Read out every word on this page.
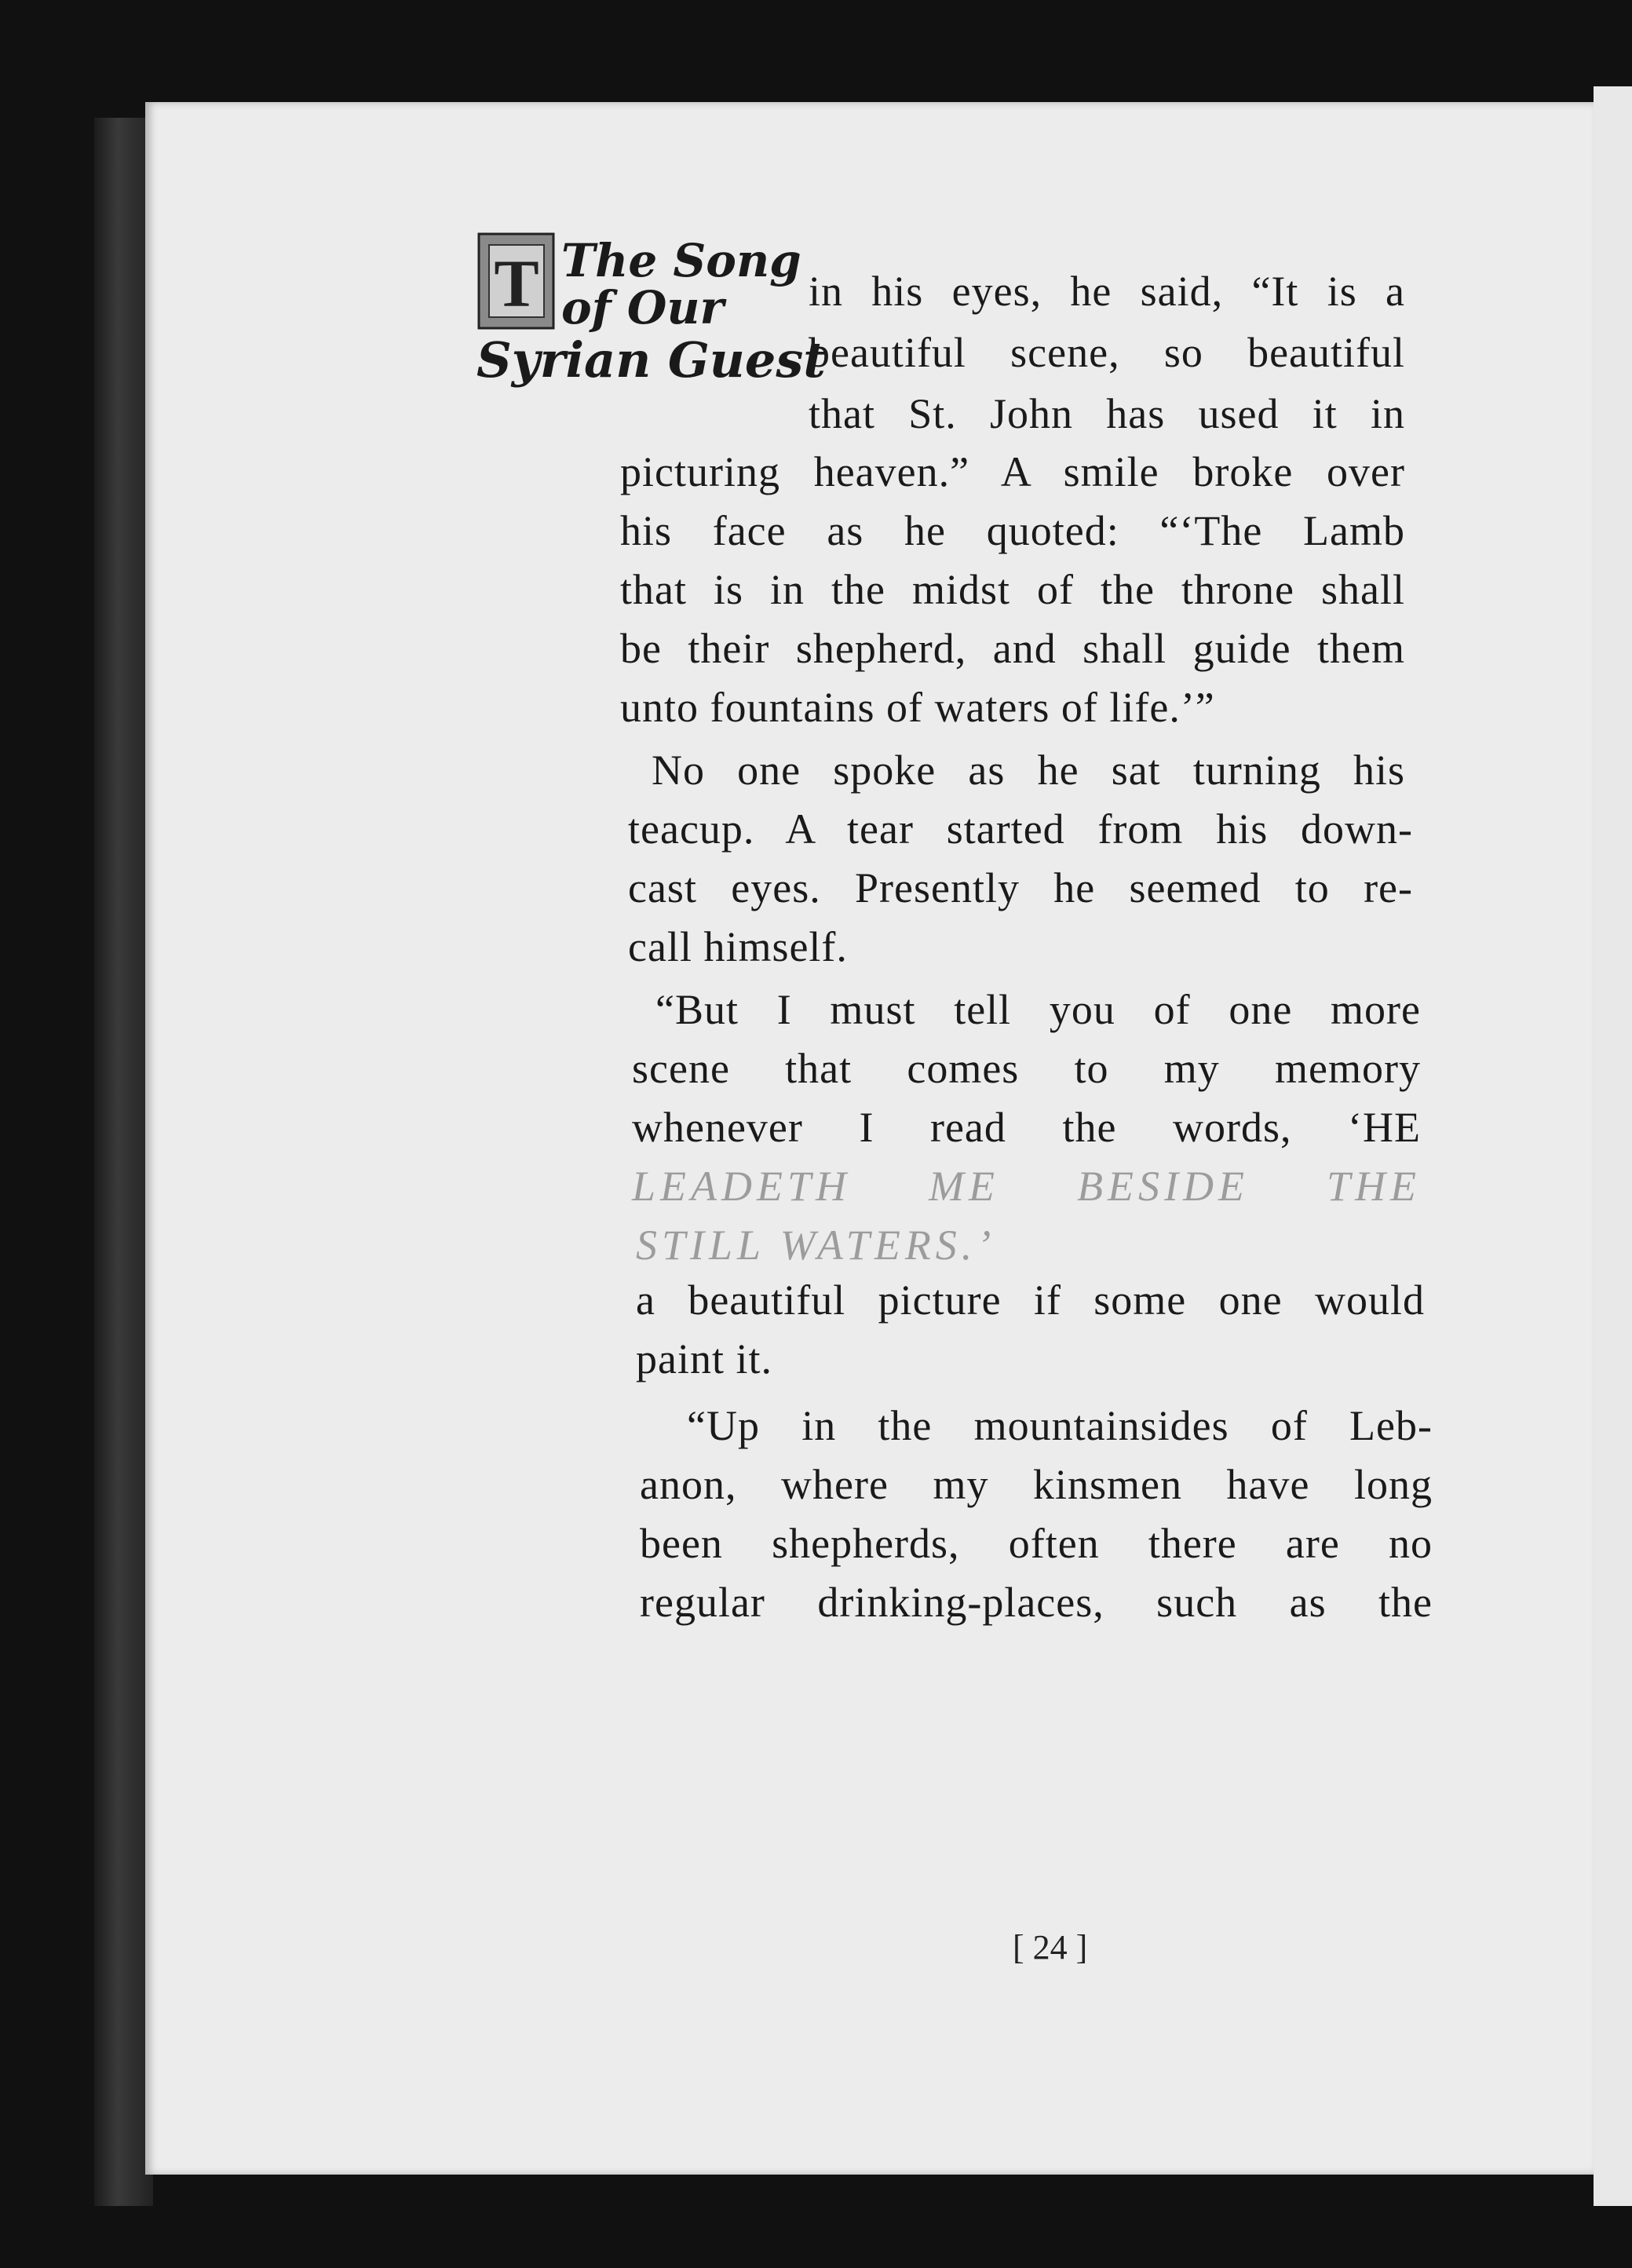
T The Song
of Our
Syrian Guest
in his eyes, he said, “It is a
beautiful scene, so beautiful
that St. John has used it in
picturing heaven.” A smile broke over
his face as he quoted: “‘The Lamb
that is in the midst of the throne shall
be their shepherd, and shall guide them
unto fountains of waters of life.’”
No one spoke as he sat turning his
teacup. A tear started from his down-
cast eyes. Presently he seemed to re-
call himself.
“But I must tell you of one more
scene that comes to my memory
whenever I read the words, ‘HE
LEADETH ME BESIDE THE
STILL WATERS.’
a beautiful picture if some one would
paint it.
“Up in the mountainsides of Leb-
anon, where my kinsmen have long
been shepherds, often there are no
regular drinking-places, such as the
[ 24 ]
